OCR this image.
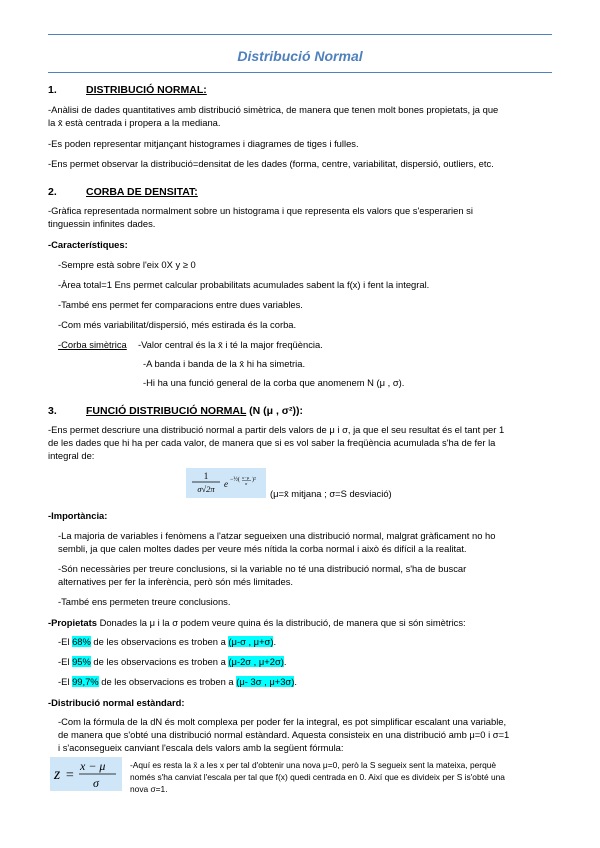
Distribució Normal
1.	DISTRIBUCIÓ NORMAL:
-Anàlisi de dades quantitatives amb distribució simètrica, de manera que tenen molt bones propietats, ja que
la x̄ està centrada i propera a la mediana.
-Es poden representar mitjançant histogrames i diagrames de tiges i fulles.
-Ens permet observar la distribució=densitat de les dades (forma, centre, variabilitat, dispersió, outliers, etc.
2.	CORBA DE DENSITAT:
-Gràfica representada normalment sobre un histograma i que representa els valors que s'esperarien si
tinguessin infinites dades.
-Característiques:
-Sempre està sobre l'eix 0X y ≥ 0
-Àrea total=1 Ens permet calcular probabilitats acumulades sabent la f(x) i fent la integral.
-També ens permet fer comparacions entre dues variables.
-Com més variabilitat/dispersió, més estirada és la corba.
-Corba simètrica -Valor central és la x̄ i té la major freqüència.
-A banda i banda de la x̄ hi ha simetria.
-Hi ha una funció general de la corba que anomenem N (μ , σ).
3.	FUNCIÓ DISTRIBUCIÓ NORMAL (N (μ , σ²)):
-Ens permet descriure una distribució normal a partir dels valors de μ i σ, ja que el seu resultat és el tant per 1
de les dades que hi ha per cada valor, de manera que si es vol saber la freqüència acumulada s'ha de fer la
integral de:
1
σ√2π e −½( x−μ
σ
)²
(μ=x̄ mitjana ; σ=S desviació)
-Importància:
-La majoria de variables i fenòmens a l'atzar segueixen una distribució normal, malgrat gràficament no ho
sembli, ja que calen moltes dades per veure més nítida la corba normal i això és difícil a la realitat.
-Són necessàries per treure conclusions, si la variable no té una distribució normal, s'ha de buscar
alternatives per fer la inferència, però són més limitades.
-També ens permeten treure conclusions.
-Propietats Donades la μ i la σ podem veure quina és la distribució, de manera que si són simètrics:
-El 68% de les observacions es troben a (μ-σ , μ+σ).
-El 95% de les observacions es troben a (μ-2σ , μ+2σ).
-El 99,7% de les observacions es troben a (μ- 3σ , μ+3σ).
-Distribució normal estàndard:
-Com la fórmula de la dN és molt complexa per poder fer la integral, es pot simplificar escalant una variable,
de manera que s'obté una distribució normal estàndard. Aquesta consisteix en una distribució amb μ=0 i σ=1
i s'aconsegueix canviant l'escala dels valors amb la següent fórmula:
z =
x − μ
σ
-Aquí es resta la x̄ a les x per tal d'obtenir una nova μ=0, però la S segueix sent la mateixa, perquè
només s'ha canviat l'escala per tal que f(x) quedi centrada en 0. Així que es divideix per S is'obté una
nova σ=1.
